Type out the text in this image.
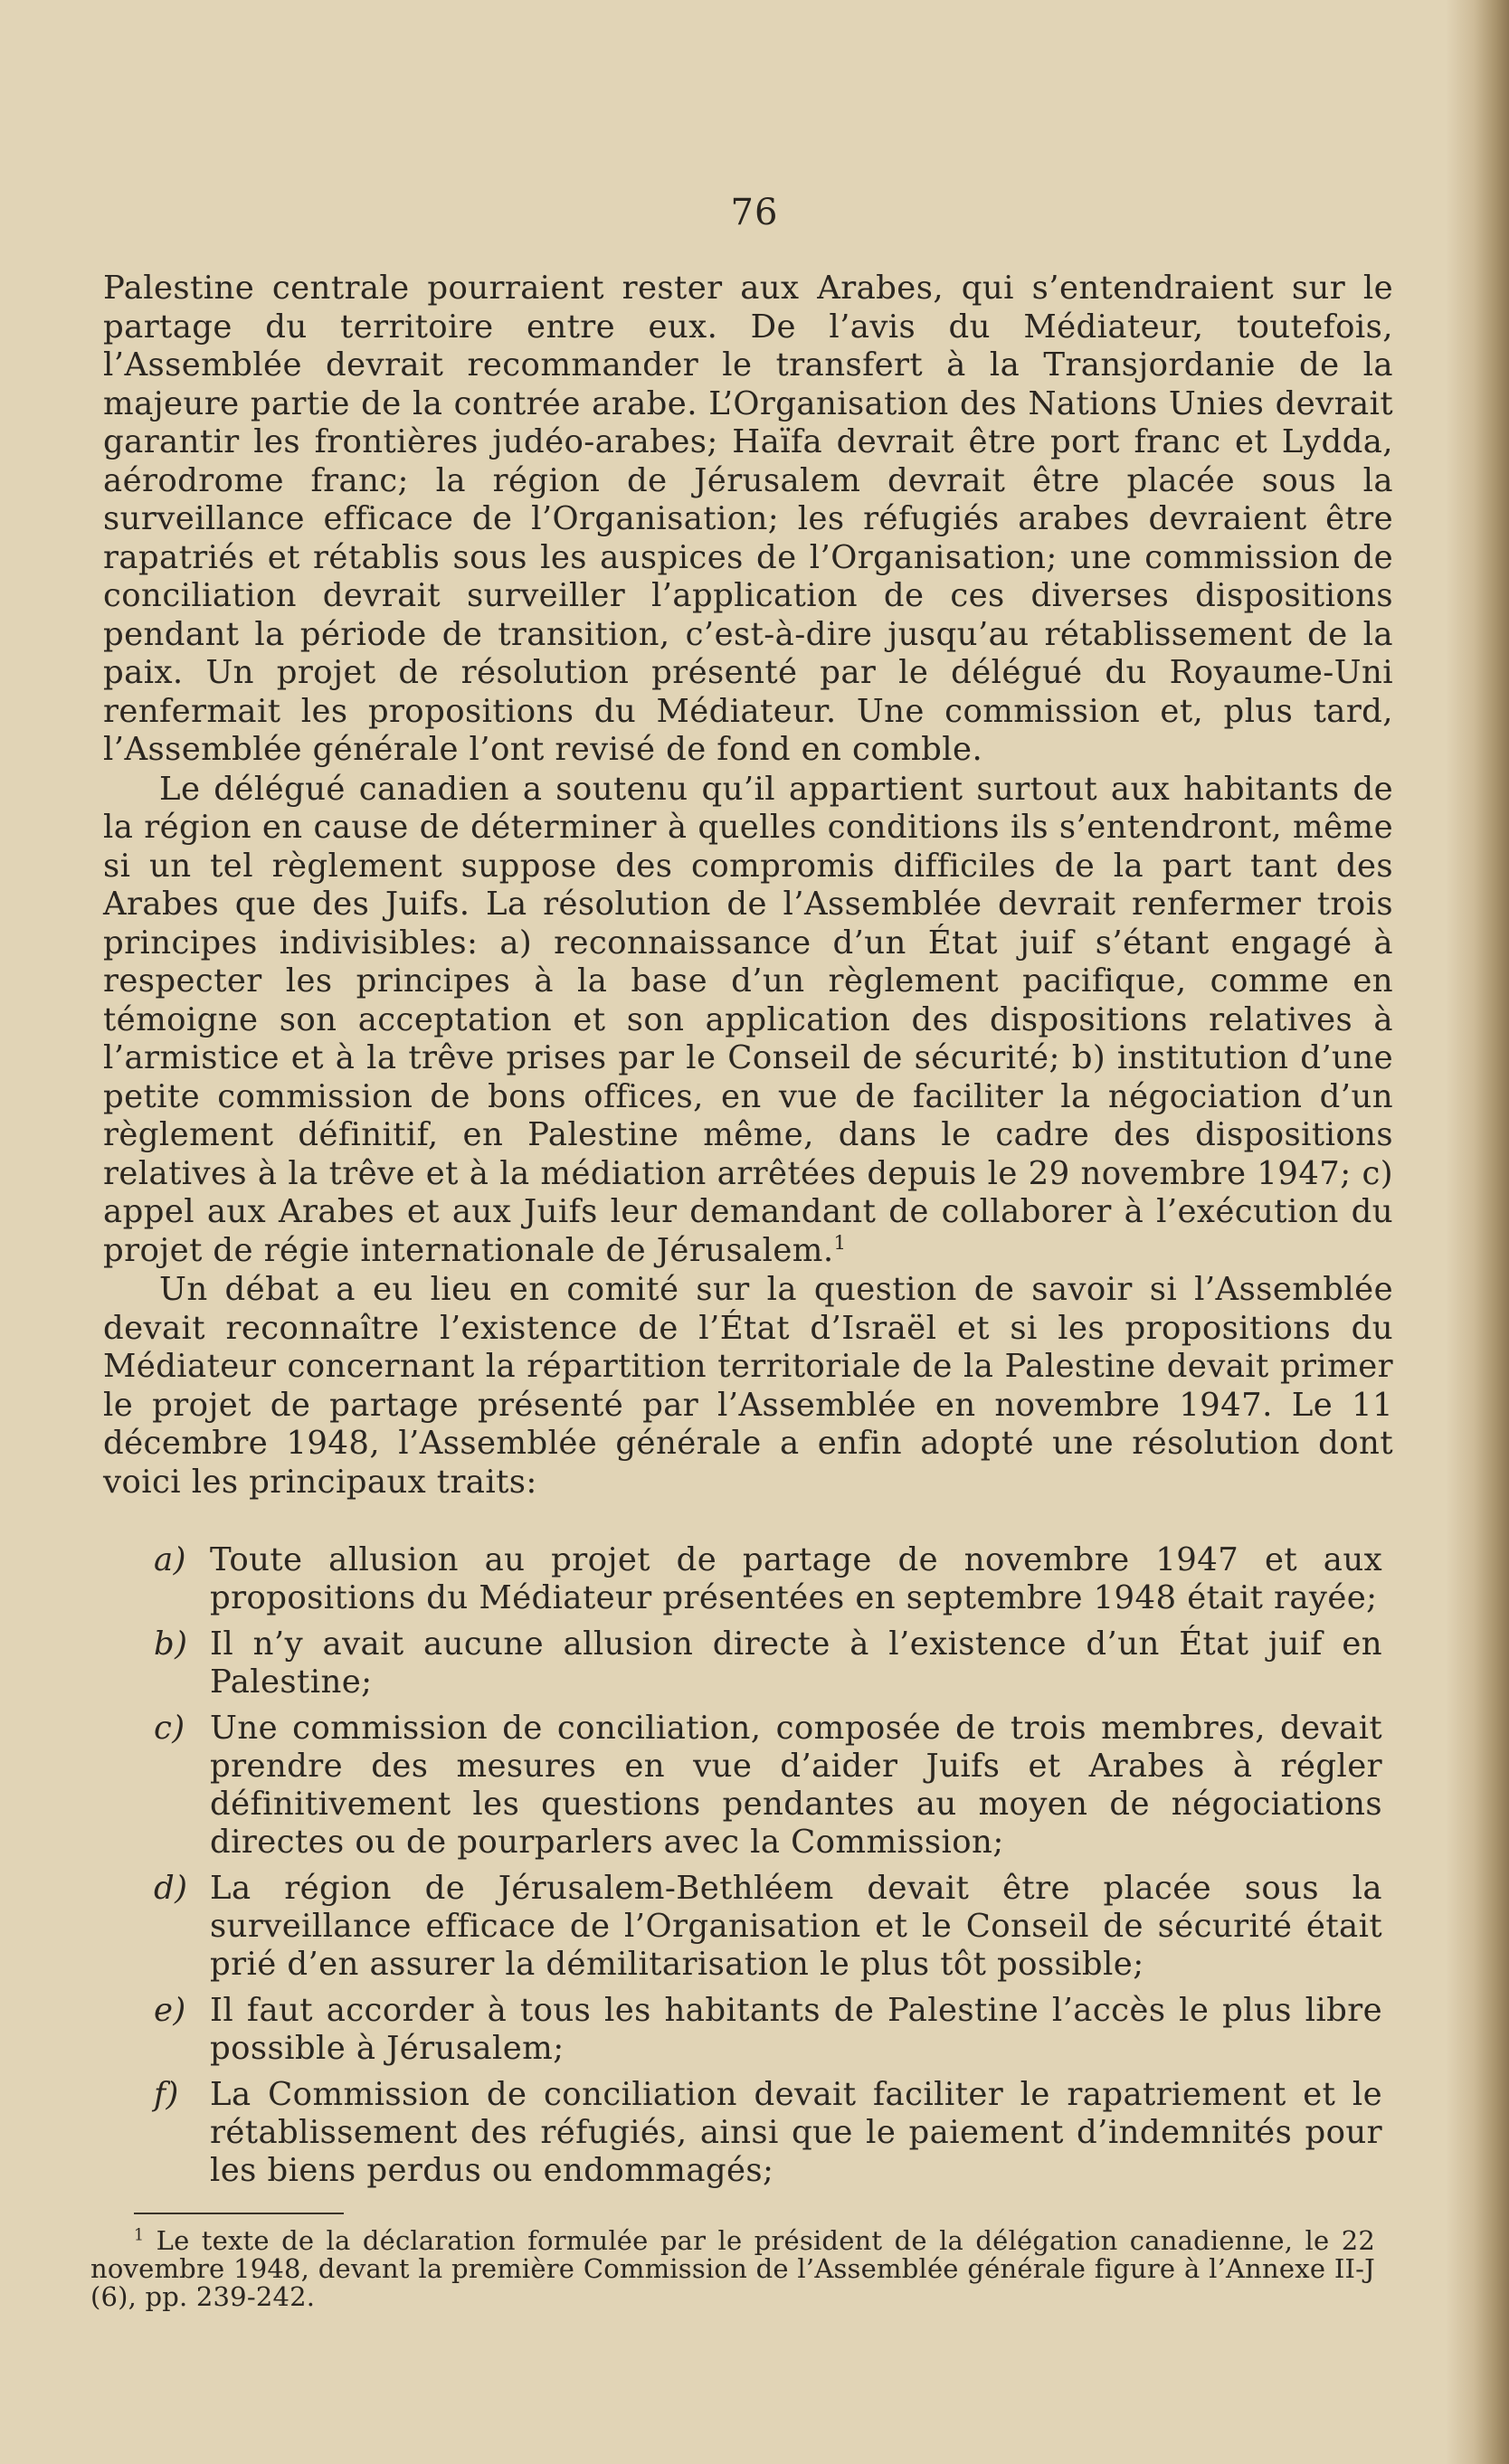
76

Palestine centrale pourraient rester aux Arabes, qui s’entendraient sur le partage du territoire entre eux. De l’avis du Médiateur, toutefois, l’Assemblée devrait recommander le transfert à la Transjordanie de la majeure partie de la contrée arabe. L’Organisation des Nations Unies devrait garantir les frontières judéo-arabes; Haïfa devrait être port franc et Lydda, aérodrome franc; la région de Jérusalem devrait être placée sous la surveillance efficace de l’Organisation; les réfugiés arabes devraient être rapatriés et rétablis sous les auspices de l’Organisation; une commission de conciliation devrait surveiller l’application de ces diverses dispositions pendant la période de transition, c’est-à-dire jusqu’au rétablissement de la paix. Un projet de résolution présenté par le délégué du Royaume-Uni renfermait les propositions du Médiateur. Une commission et, plus tard, l’Assemblée générale l’ont revisé de fond en comble.

Le délégué canadien a soutenu qu’il appartient surtout aux habitants de la région en cause de déterminer à quelles conditions ils s’entendront, même si un tel règlement suppose des compromis difficiles de la part tant des Arabes que des Juifs. La résolution de l’Assemblée devrait renfermer trois principes indivisibles: a) reconnaissance d’un État juif s’étant engagé à respecter les principes à la base d’un règlement pacifique, comme en témoigne son acceptation et son application des dispositions relatives à l’armistice et à la trêve prises par le Conseil de sécurité; b) institution d’une petite commission de bons offices, en vue de faciliter la négociation d’un règlement définitif, en Palestine même, dans le cadre des dispositions relatives à la trêve et à la médiation arrêtées depuis le 29 novembre 1947; c) appel aux Arabes et aux Juifs leur demandant de collaborer à l’exécution du projet de régie internationale de Jérusalem.$^1$

Un débat a eu lieu en comité sur la question de savoir si l’Assemblée devait reconnaître l’existence de l’État d’Israël et si les propositions du Médiateur concernant la répartition territoriale de la Palestine devait primer le projet de partage présenté par l’Assemblée en novembre 1947. Le 11 décembre 1948, l’Assemblée générale a enfin adopté une résolution dont voici les principaux traits:

a) Toute allusion au projet de partage de novembre 1947 et aux propositions du Médiateur présentées en septembre 1948 était rayée;
b) Il n’y avait aucune allusion directe à l’existence d’un État juif en Palestine;
c) Une commission de conciliation, composée de trois membres, devait prendre des mesures en vue d’aider Juifs et Arabes à régler définitivement les questions pendantes au moyen de négociations directes ou de pourparlers avec la Commission;
d) La région de Jérusalem-Bethléem devait être placée sous la surveillance efficace de l’Organisation et le Conseil de sécurité était prié d’en assurer la démilitarisation le plus tôt possible;
e) Il faut accorder à tous les habitants de Palestine l’accès le plus libre possible à Jérusalem;
f) La Commission de conciliation devait faciliter le rapatriement et le rétablissement des réfugiés, ainsi que le paiement d’indemnités pour les biens perdus ou endommagés;
$^1$ Le texte de la déclaration formulée par le président de la délégation canadienne, le 22 novembre 1948, devant la première Commission de l’Assemblée générale figure à l’Annexe II-J (6), pp. 239-242.
